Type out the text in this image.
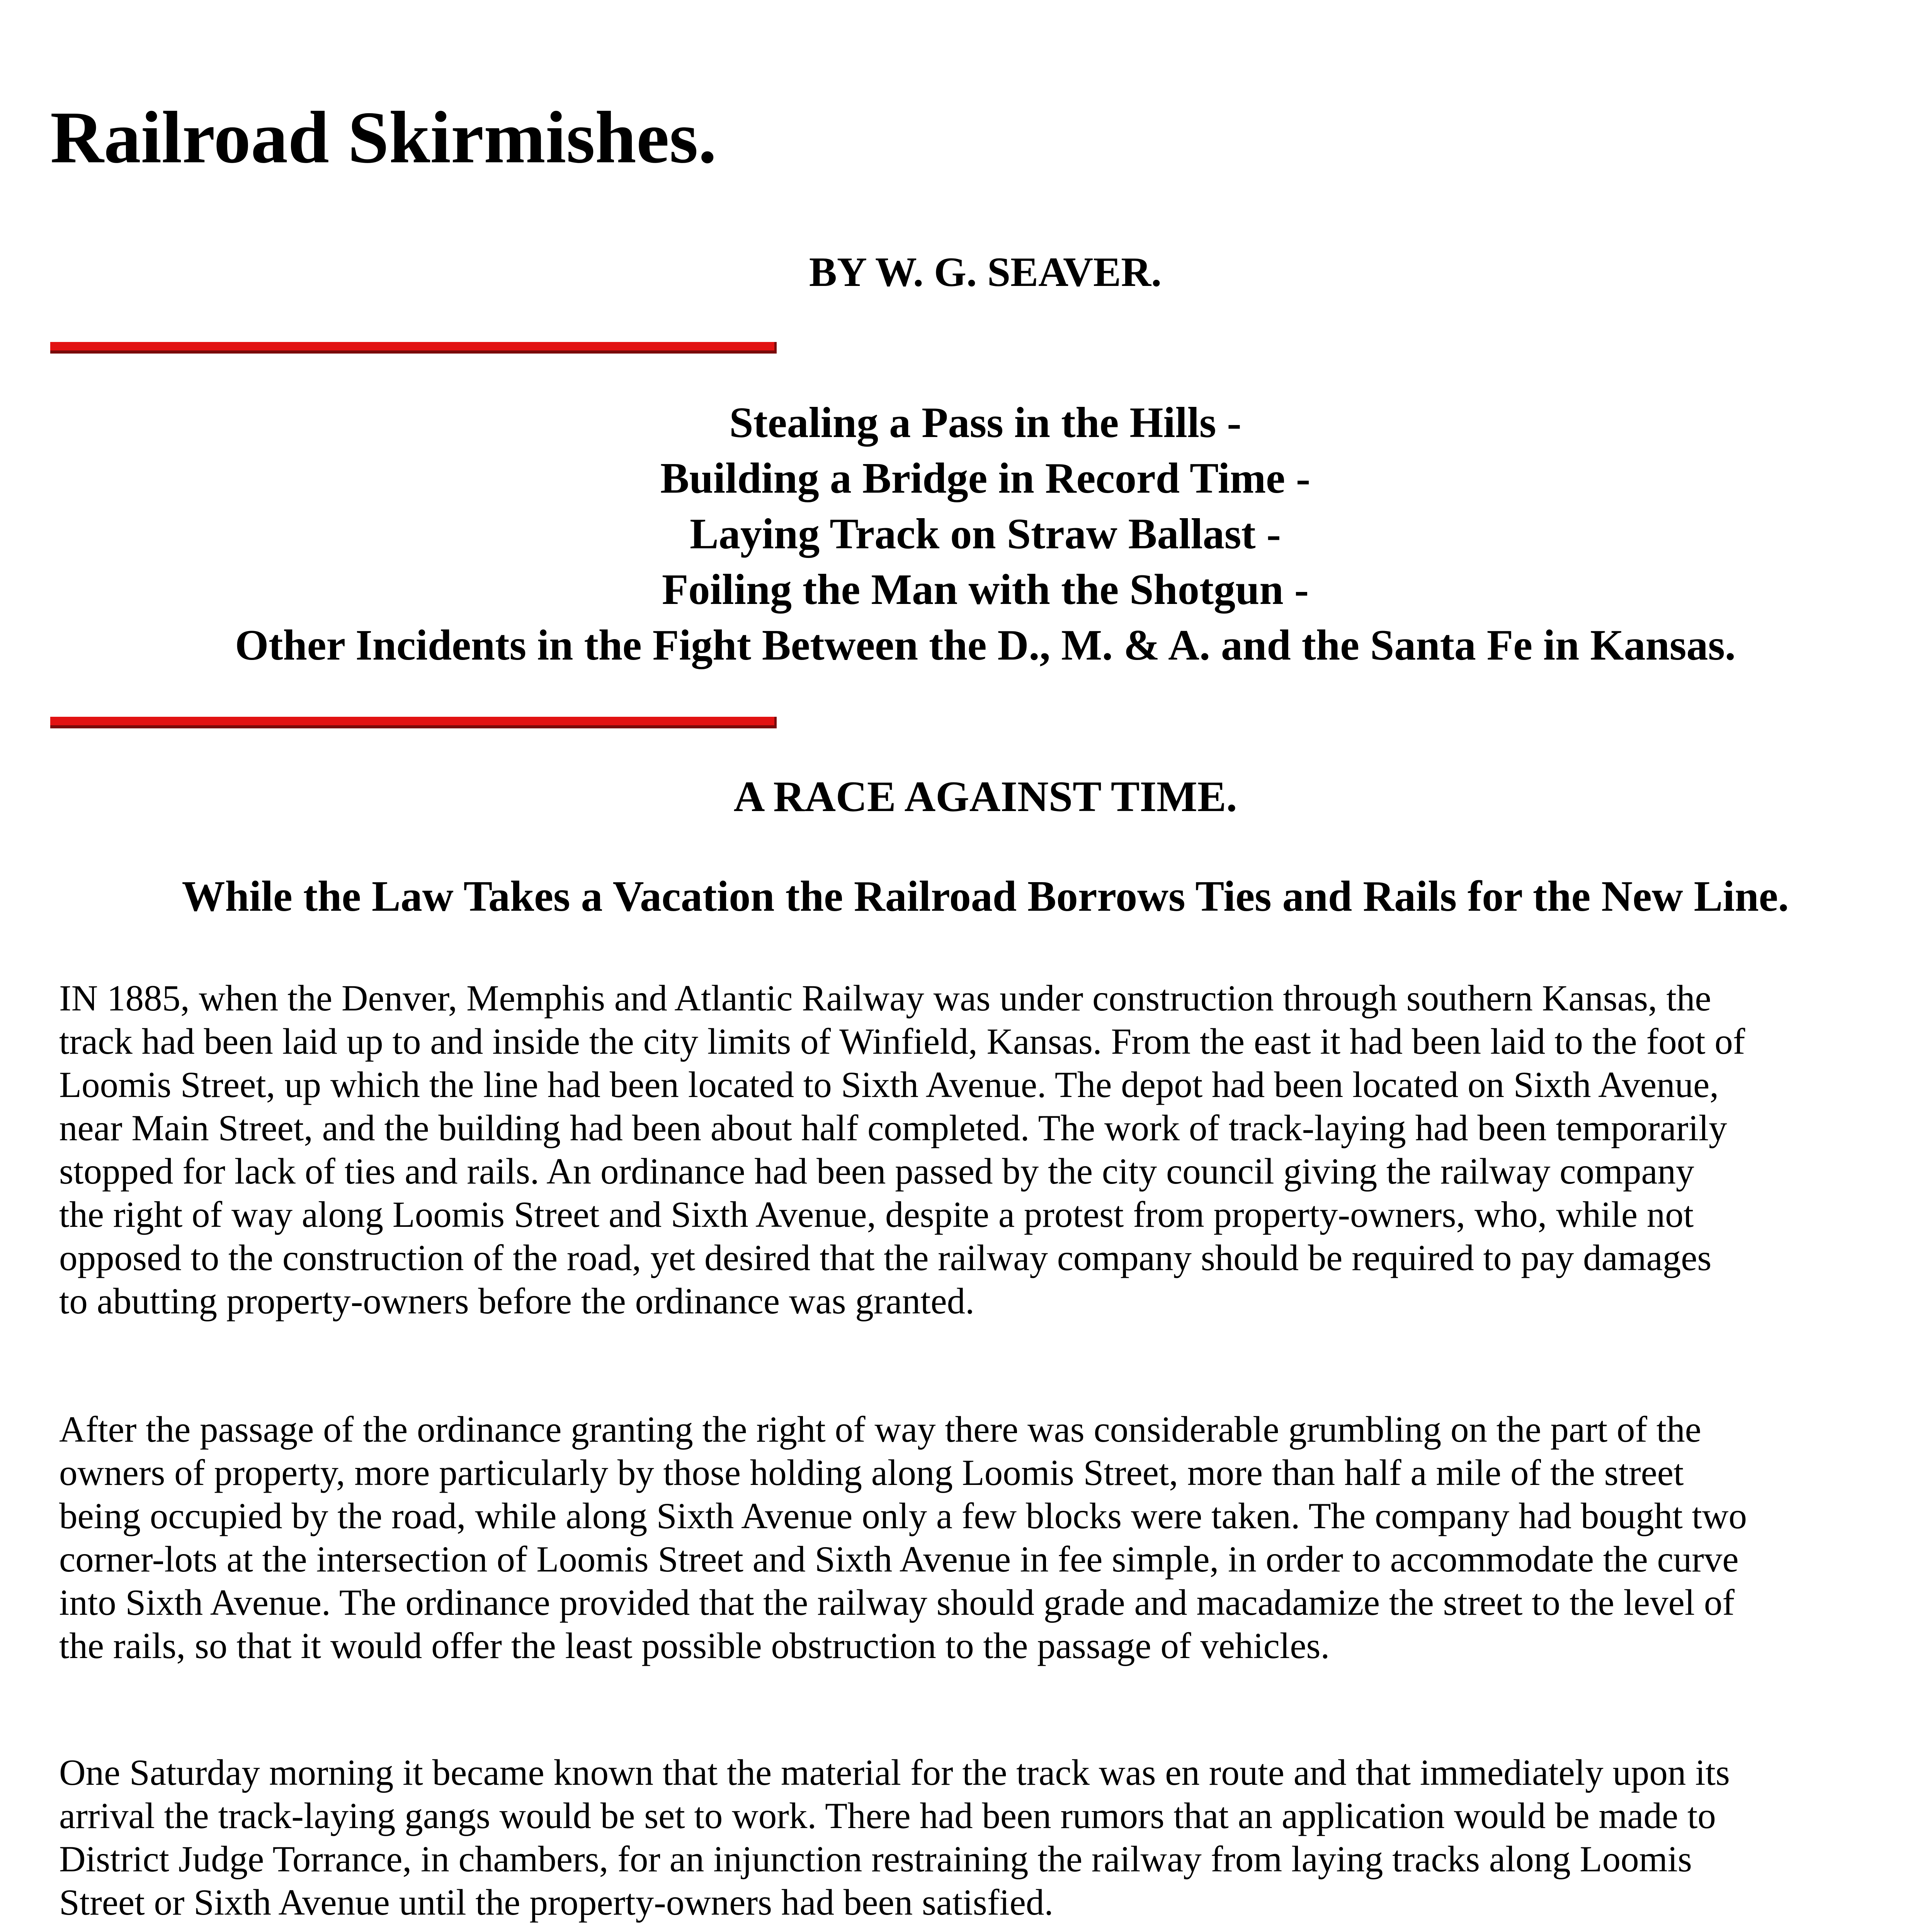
Railroad Skirmishes.
BY W. G. SEAVER.
Stealing a Pass in the Hills -
Building a Bridge in Record Time -
Laying Track on Straw Ballast -
Foiling the Man with the Shotgun -
Other Incidents in the Fight Between the D., M. & A. and the Santa Fe in Kansas.
A RACE AGAINST TIME.
While the Law Takes a Vacation the Railroad Borrows Ties and Rails for the New Line.

IN 1885, when the Denver, Memphis and Atlantic Railway was under construction through southern Kansas, the track had been laid up to and inside the city limits of Winfield, Kansas. From the east it had been laid to the foot of Loomis Street, up which the line had been located to Sixth Avenue. The depot had been located on Sixth Avenue, near Main Street, and the building had been about half completed. The work of track-laying had been temporarily stopped for lack of ties and rails. An ordinance had been passed by the city council giving the railway company the right of way along Loomis Street and Sixth Avenue, despite a protest from property-owners, who, while not opposed to the construction of the road, yet desired that the railway company should be required to pay damages to abutting property-owners before the ordinance was granted.

After the passage of the ordinance granting the right of way there was considerable grumbling on the part of the owners of property, more particularly by those holding along Loomis Street, more than half a mile of the street being occupied by the road, while along Sixth Avenue only a few blocks were taken. The company had bought two corner-lots at the intersection of Loomis Street and Sixth Avenue in fee simple, in order to accommodate the curve into Sixth Avenue. The ordinance provided that the railway should grade and macadamize the street to the level of the rails, so that it would offer the least possible obstruction to the passage of vehicles.

One Saturday morning it became known that the material for the track was en route and that immediately upon its arrival the track-laying gangs would be set to work. There had been rumors that an application would be made to District Judge Torrance, in chambers, for an injunction restraining the railway from laying tracks along Loomis Street or Sixth Avenue until the property-owners had been satisfied.
